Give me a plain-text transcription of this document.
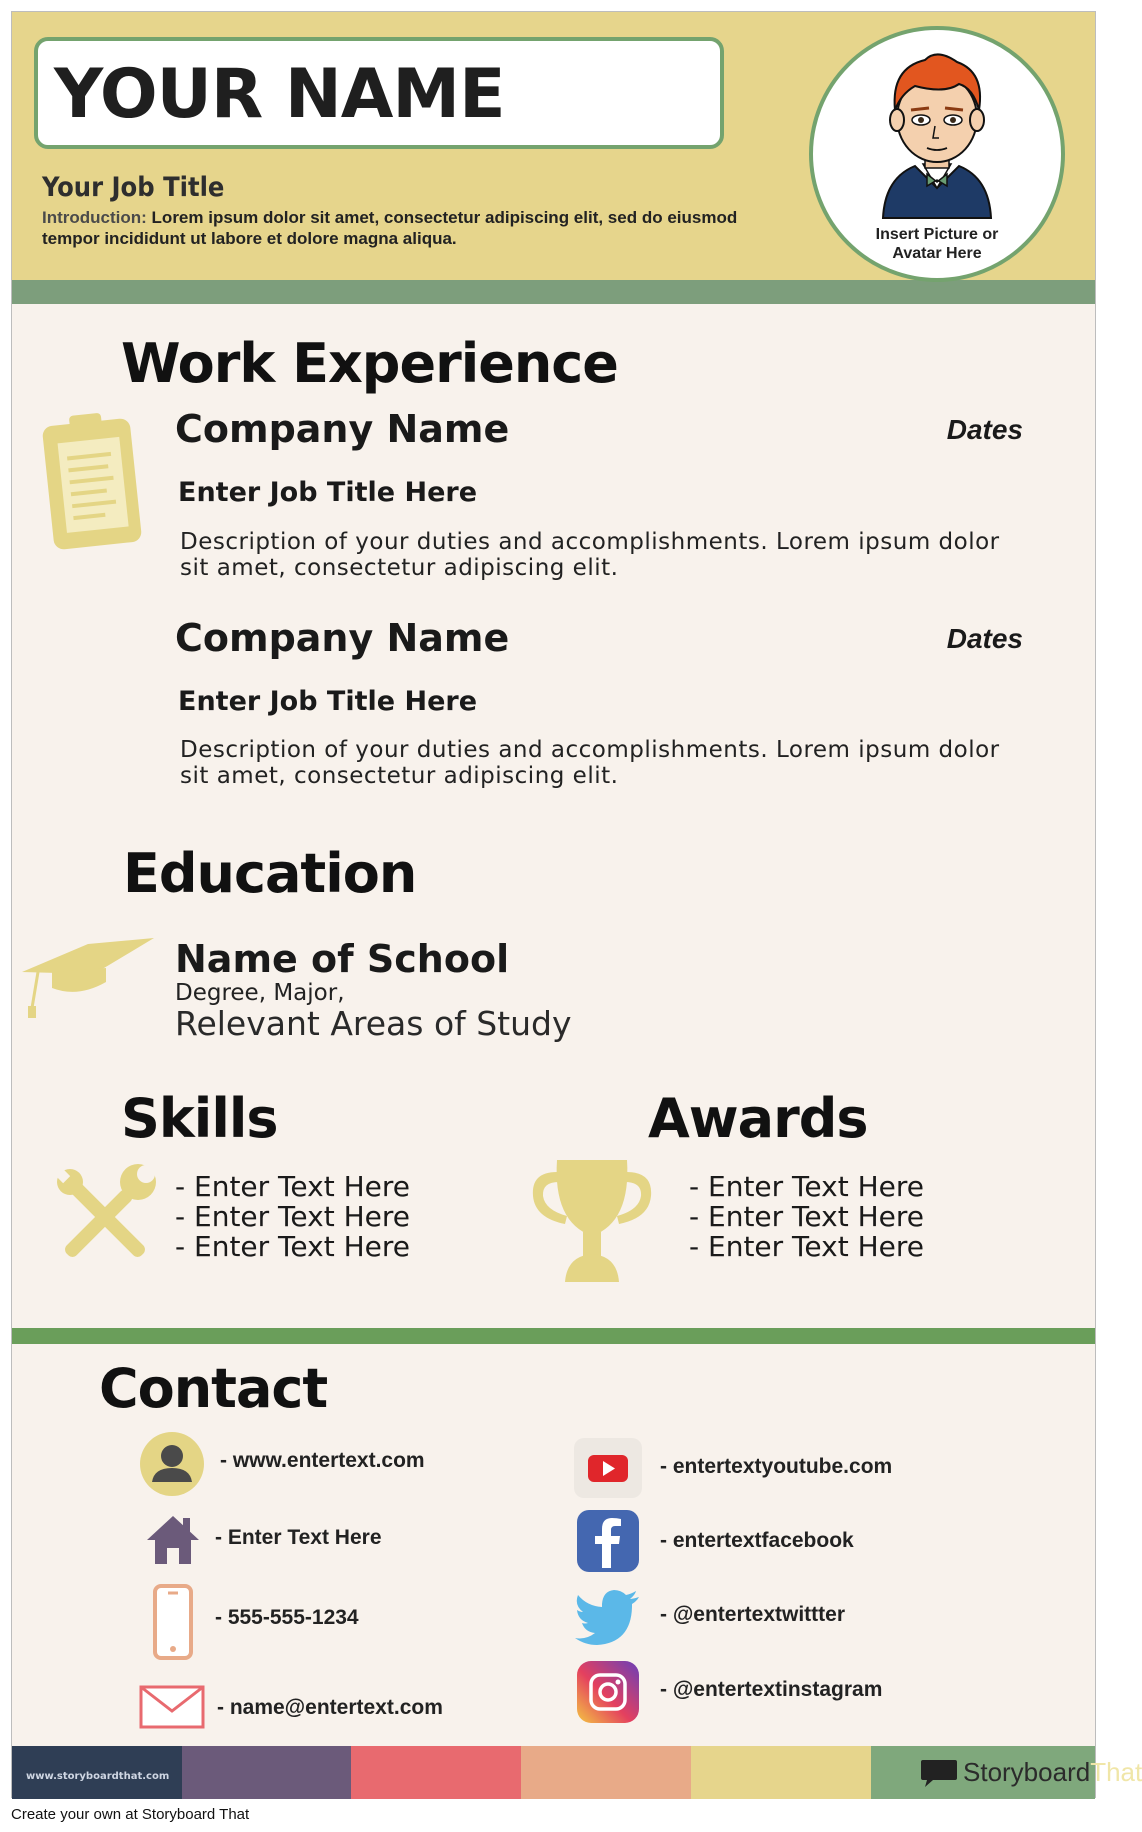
YOUR NAME
Your Job Title
Introduction: Lorem ipsum dolor sit amet, consectetur adipiscing elit, sed do eiusmod tempor incididunt ut labore et dolore magna aliqua.	Insert Picture or
Avatar Here
Work Experience
Company Name	Dates
Enter Job Title Here
Description of your duties and accomplishments. Lorem ipsum dolor
sit amet, consectetur adipiscing elit.
Company Name	Dates
Enter Job Title Here
Description of your duties and accomplishments. Lorem ipsum dolor
sit amet, consectetur adipiscing elit.
Education
Name of School
Degree, Major,
Relevant Areas of Study
Skills
- Enter Text Here
- Enter Text Here
- Enter Text Here
Awards
- Enter Text Here
- Enter Text Here
- Enter Text Here
Contact
- www.entertext.com
- Enter Text Here
- 555-555-1234
- name@entertext.com
- entertextyoutube.com
- entertextfacebook
- @entertextwittter
- @entertextinstagram
www.storyboardthat.com	StoryboardThat
Create your own at Storyboard That
